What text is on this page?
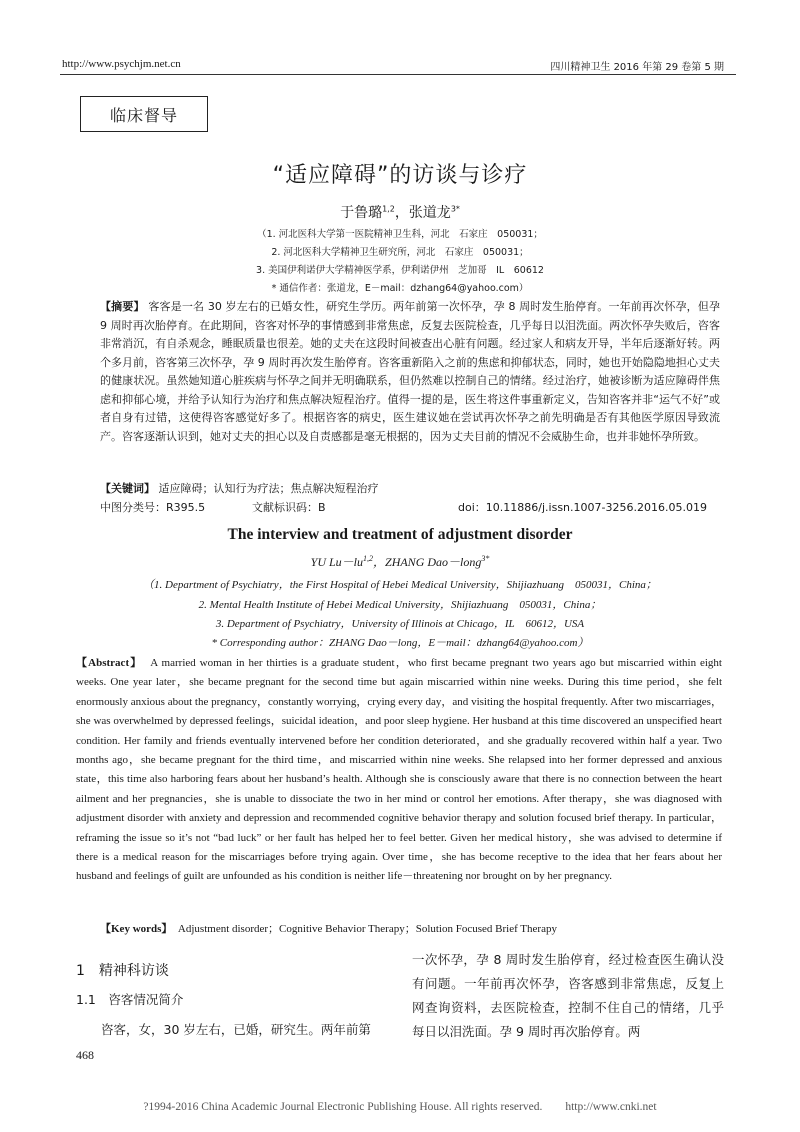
http://www.psychjm.net.cn	四川精神卫生 2016 年第 29 卷第 5 期
临床督导
“适应障碍”的访谈与诊疗
于鲁璐$^{1,2}$，张道龙$^{3*}$
（1. 河北医科大学第一医院精神卫生科，河北　石家庄　050031；
2. 河北医科大学精神卫生研究所，河北　石家庄　050031；
3. 美国伊利诺伊大学精神医学系，伊利诺伊州　芝加哥　IL　60612
* 通信作者：张道龙，E－mail：dzhang64@yahoo.com）

【摘要】 客客是一名 30 岁左右的已婚女性，研究生学历。两年前第一次怀孕，孕 8 周时发生胎停育。一年前再次怀孕，但孕 9 周时再次胎停育。在此期间，咨客对怀孕的事情感到非常焦虑，反复去医院检查，几乎每日以泪洗面。两次怀孕失败后，咨客非常消沉，有自杀观念，睡眠质量也很差。她的丈夫在这段时间被查出心脏有问题。经过家人和病友开导，半年后逐渐好转。两个多月前，咨客第三次怀孕，孕 9 周时再次发生胎停育。咨客重新陷入之前的焦虑和抑郁状态，同时，她也开始隐隐地担心丈夫的健康状况。虽然她知道心脏疾病与怀孕之间并无明确联系，但仍然难以控制自己的情绪。经过治疗，她被诊断为适应障碍伴焦虑和抑郁心境，并给予认知行为治疗和焦点解决短程治疗。值得一提的是，医生将这件事重新定义，告知咨客并非“运气不好”或者自身有过错，这使得咨客感觉好多了。根据咨客的病史，医生建议她在尝试再次怀孕之前先明确是否有其他医学原因导致流产。咨客逐渐认识到，她对丈夫的担心以及自责感都是毫无根据的，因为丈夫目前的情况不会威胁生命，也并非她怀孕所致。

【关键词】 适应障碍；认知行为疗法；焦点解决短程治疗
中图分类号：R395.5	文献标识码：B	doi：10.11886/j.issn.1007-3256.2016.05.019
The interview and treatment of adjustment disorder
YU Lu－lu$^{1,2}$，ZHANG Dao－long$^{3*}$
（1. Department of Psychiatry，the First Hospital of Hebei Medical University，Shijiazhuang　050031，China；
2. Mental Health Institute of Hebei Medical University，Shijiazhuang　050031，China；
3. Department of Psychiatry，University of Illinois at Chicago，IL　60612，USA
* Corresponding author：ZHANG Dao－long，E－mail：dzhang64@yahoo.com）

【Abstract】 A married woman in her thirties is a graduate student，who first became pregnant two years ago but miscarried within eight weeks. One year later，she became pregnant for the second time but again miscarried within nine weeks. During this time period，she felt enormously anxious about the pregnancy，constantly worrying，crying every day，and visiting the hospital frequently. After two miscarriages，she was overwhelmed by depressed feelings，suicidal ideation，and poor sleep hygiene. Her husband at this time discovered an unspecified heart condition. Her family and friends eventually intervened before her condition deteriorated，and she gradually recovered within half a year. Two months ago，she became pregnant for the third time，and miscarried within nine weeks. She relapsed into her former depressed and anxious state，this time also harboring fears about her husband’s health. Although she is consciously aware that there is no connection between the heart ailment and her pregnancies，she is unable to dissociate the two in her mind or control her emotions. After therapy，she was diagnosed with adjustment disorder with anxiety and depression and recommended cognitive behavior therapy and solution focused brief therapy. In particular，reframing the issue so it’s not “bad luck” or her fault has helped her to feel better. Given her medical history，she was advised to determine if there is a medical reason for the miscarriages before trying again. Over time，she has become receptive to the idea that her fears about her husband and feelings of guilt are unfounded as his condition is neither life－threatening nor brought on by her pregnancy.

【Key words】 Adjustment disorder；Cognitive Behavior Therapy；Solution Focused Brief Therapy
1　精神科访谈
1.1　咨客情况简介

咨客，女，30 岁左右，已婚，研究生。两年前第

一次怀孕，孕 8 周时发生胎停育，经过检查医生确认没有问题。一年前再次怀孕，咨客感到非常焦虑，反复上网查询资料，去医院检查，控制不住自己的情绪，几乎每日以泪洗面。孕 9 周时再次胎停育。两

468
?1994-2016 China Academic Journal Electronic Publishing House. All rights reserved.　　http://www.cnki.net
